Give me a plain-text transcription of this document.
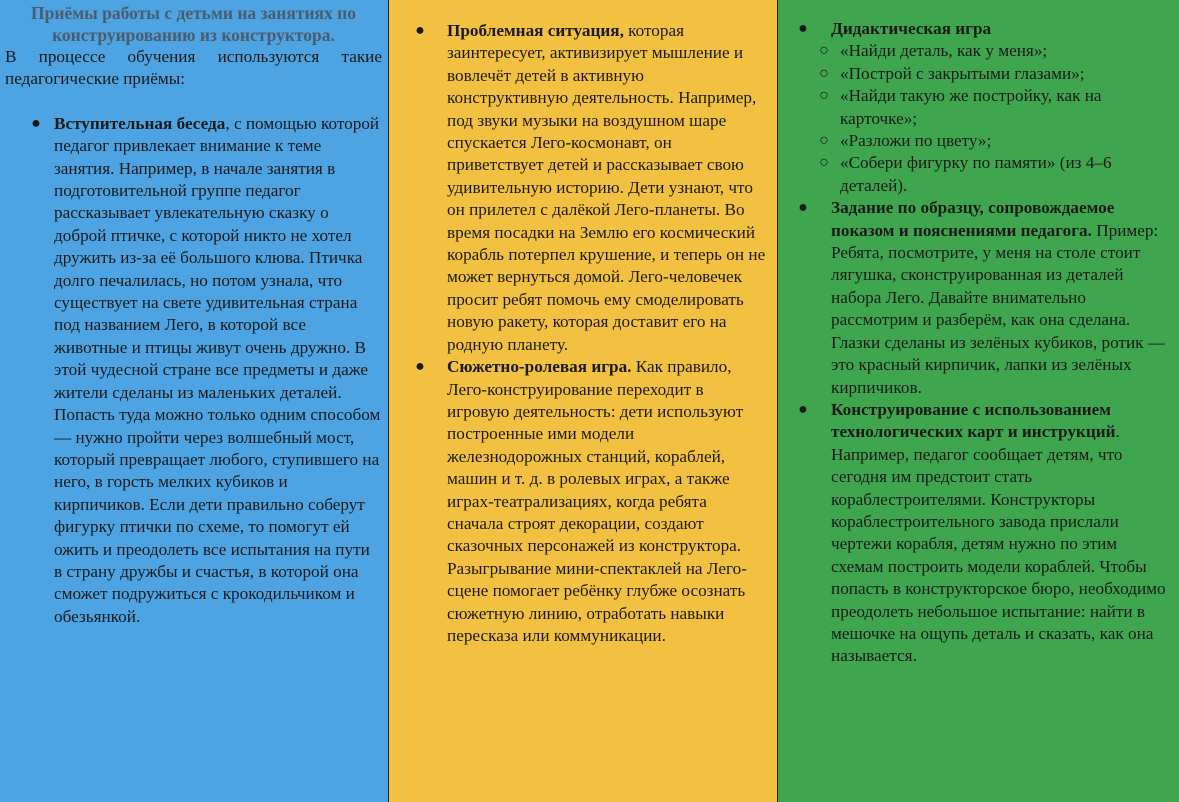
Приёмы работы с детьми на занятиях по конструированию из конструктора.
В процессе обучения используются такие педагогические приёмы:
● Вступительная беседа, с помощью которой педагог привлекает внимание к теме занятия. Например, в начале занятия в подготовительной группе педагог рассказывает увлекательную сказку о доброй птичке, с которой никто не хотел дружить из-за её большого клюва. Птичка долго печалилась, но потом узнала, что существует на свете удивительная страна под названием Лего, в которой все животные и птицы живут очень дружно. В этой чудесной стране все предметы и даже жители сделаны из маленьких деталей. Попасть туда можно только одним способом — нужно пройти через волшебный мост, который превращает любого, ступившего на него, в горсть мелких кубиков и кирпичиков. Если дети правильно соберут фигурку птички по схеме, то помогут ей ожить и преодолеть все испытания на пути в страну дружбы и счастья, в которой она сможет подружиться с крокодильчиком и обезьянкой.
●	Проблемная ситуация, которая заинтересует, активизирует мышление и вовлечёт детей в активную конструктивную деятельность. Например, под звуки музыки на воздушном шаре спускается Лего-космонавт, он приветствует детей и рассказывает свою удивительную историю. Дети узнают, что он прилетел с далёкой Лего-планеты. Во время посадки на Землю его космический корабль потерпел крушение, и теперь он не может вернуться домой. Лего-человечек просит ребят помочь ему смоделировать новую ракету, которая доставит его на родную планету.
●	Сюжетно-ролевая игра. Как правило, Лего-конструирование переходит в игровую деятельность: дети используют построенные ими модели железнодорожных станций, кораблей, машин и т. д. в ролевых играх, а также играх-театрализациях, когда ребята сначала строят декорации, создают сказочных персонажей из конструктора. Разыгрывание мини-спектаклей на Лего-сцене помогает ребёнку глубже осознать сюжетную линию, отработать навыки пересказа или коммуникации.
●	Дидактическая игра
○ «Найди деталь, как у меня»;
○ «Построй с закрытыми глазами»;
○ «Найди такую же постройку, как на карточке»;
○ «Разложи по цвету»;
○ «Собери фигурку по памяти» (из 4–6 деталей).
●	Задание по образцу, сопровождаемое показом и пояснениями педагога. Пример: Ребята, посмотрите, у меня на столе стоит лягушка, сконструированная из деталей набора Лего. Давайте внимательно рассмотрим и разберём, как она сделана. Глазки сделаны из зелёных кубиков, ротик — это красный кирпичик, лапки из зелёных кирпичиков.
●	Конструирование с использованием технологических карт и инструкций. Например, педагог сообщает детям, что сегодня им предстоит стать кораблестроителями. Конструкторы кораблестроительного завода прислали чертежи корабля, детям нужно по этим схемам построить модели кораблей. Чтобы попасть в конструкторское бюро, необходимо преодолеть небольшое испытание: найти в мешочке на ощупь деталь и сказать, как она называется.
